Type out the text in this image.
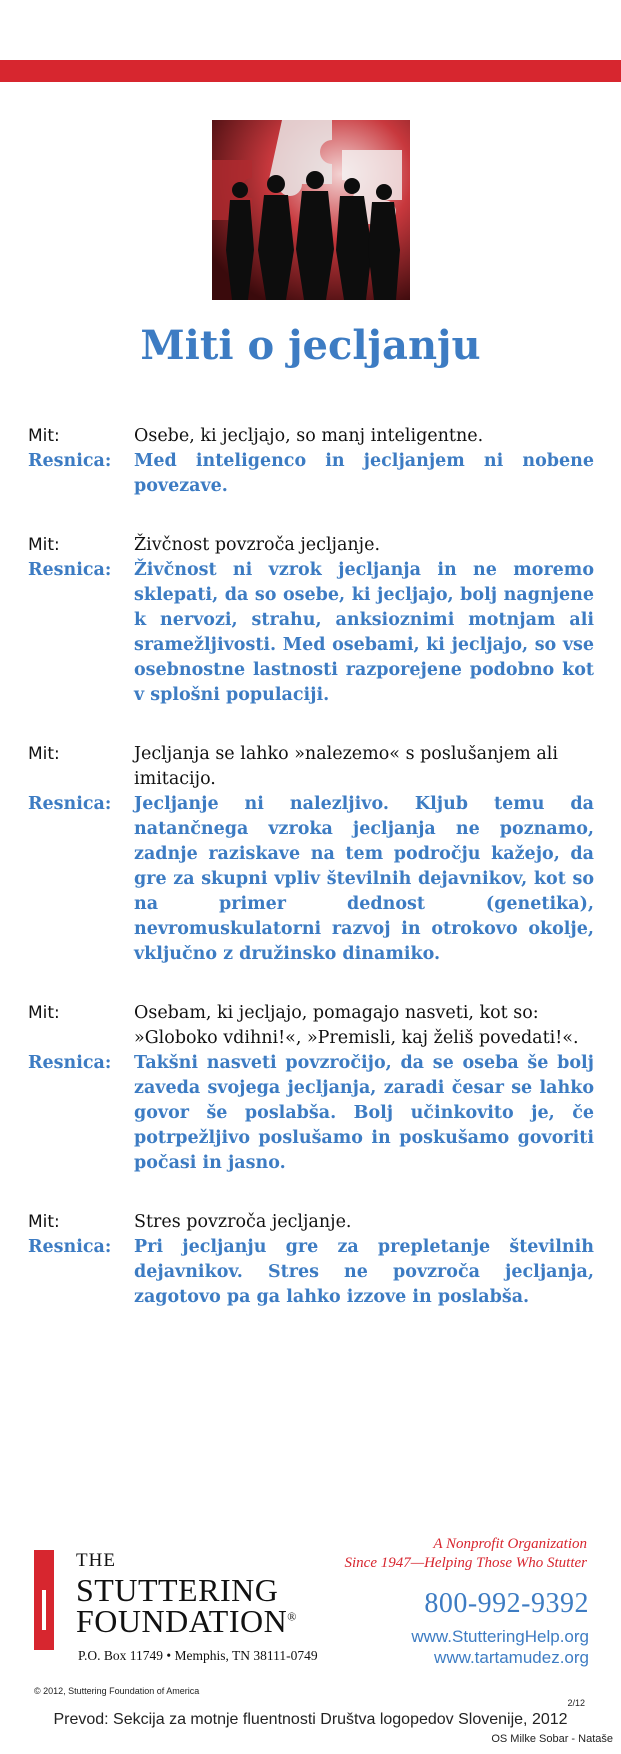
Miti o jecljanju
Mit:	Osebe, ki jecljajo, so manj inteligentne.
Resnica:	Med inteligenco in jecljanjem ni nobene povezave.
Mit:	Živčnost povzroča jecljanje.
Resnica:	Živčnost ni vzrok jecljanja in ne moremo sklepati, da so osebe, ki jecljajo, bolj nagnjene k nervozi, strahu, anksioznimi motnjam ali sramežljivosti. Med osebami, ki jecljajo, so vse osebnostne lastnosti razporejene podobno kot v splošni populaciji.
Mit:	Jecljanja se lahko »nalezemo« s poslušanjem ali imitacijo.
Resnica:	Jecljanje ni nalezljivo. Kljub temu da natančnega vzroka jecljanja ne poznamo, zadnje raziskave na tem področju kažejo, da gre za skupni vpliv številnih dejavnikov, kot so na primer dednost (genetika), nevromuskulatorni razvoj in otrokovo okolje, vključno z družinsko dinamiko.
Mit:	Osebam, ki jecljajo, pomagajo nasveti, kot so: »Globoko vdihni!«, »Premisli, kaj želiš povedati!«.
Resnica:	Takšni nasveti povzročijo, da se oseba še bolj zaveda svojega jecljanja, zaradi česar se lahko govor še poslabša. Bolj učinkovito je, če potrpežljivo poslušamo in poskušamo govoriti počasi in jasno.
Mit:	Stres povzroča jecljanje.
Resnica:	Pri jecljanju gre za prepletanje številnih dejavnikov. Stres ne povzroča jecljanja, zagotovo pa ga lahko izzove in poslabša.
THE
STUTTERING
FOUNDATION®
P.O. Box 11749 • Memphis, TN 38111-0749
A Nonprofit Organization
Since 1947—Helping Those Who Stutter
800-992-9392
www.StutteringHelp.org
www.tartamudez.org
© 2012, Stuttering Foundation of America
2/12
Prevod: Sekcija za motnje fluentnosti Društva logopedov Slovenije, 2012
OS Milke Sobar - Nataše
